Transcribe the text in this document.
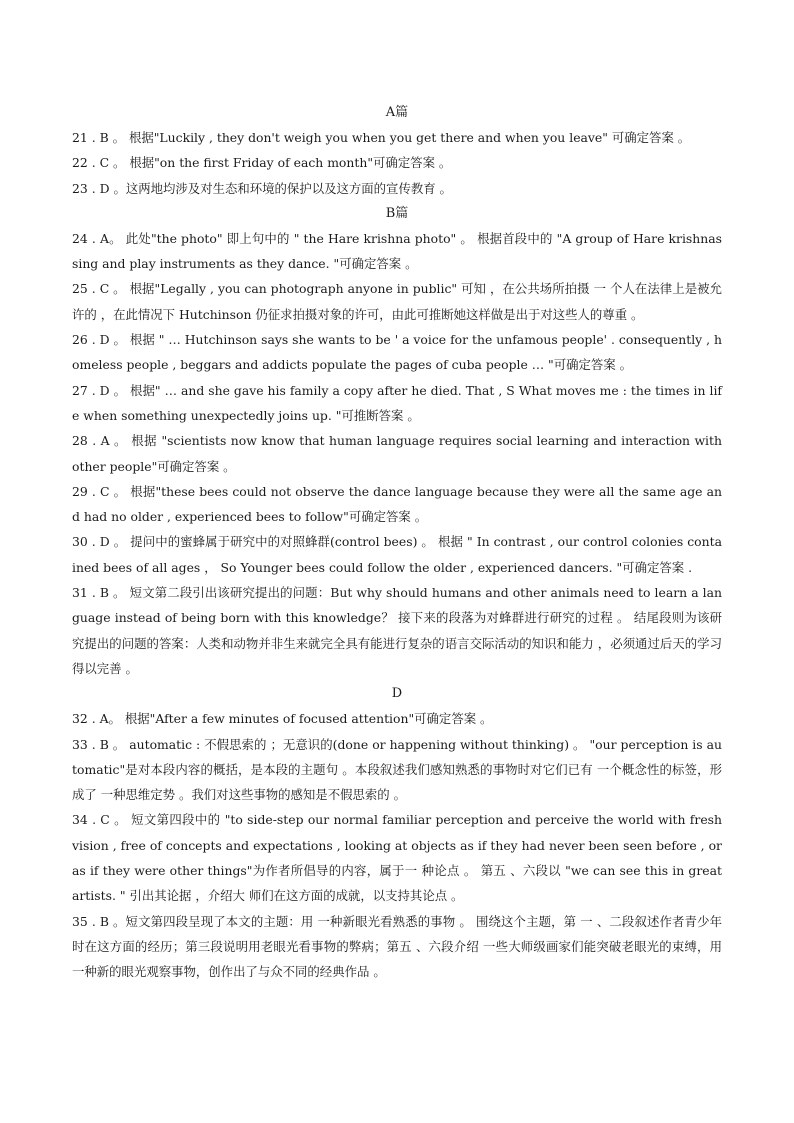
A篇

21 . B 。 根据"Luckily , they don't weigh you when you get there and when you leave" 可确定答案 。

22 . C 。 根据"on the first Friday of each month"可确定答案 。

23 . D 。这两地均涉及对生态和环境的保护以及这方面的宣传教育 。

B篇

24 . A。 此处"the photo" 即上句中的 " the Hare krishna photo" 。 根据首段中的 "A group of Hare krishnas sing and play instruments as they dance. "可确定答案 。

25 . C 。 根据"Legally , you can photograph anyone in public" 可知 ，在公共场所拍摄 一 个人在法律上是被允许的 ，在此情况下 Hutchinson 仍征求拍摄对象的许可，由此可推断她这样做是出于对这些人的尊重 。

26 . D 。 根据 " … Hutchinson says she wants to be ' a voice for the unfamous people' . consequently , homeless people , beggars and addicts populate the pages of cuba people … "可确定答案 。

27 . D 。 根据" … and she gave his family a copy after he died. That , S What moves me : the times in life when something unexpectedly joins up. "可推断答案 。

28 . A 。 根据 "scientists now know that human language requires social learning and interaction with other people"可确定答案 。

29 . C 。 根据"these bees could not observe the dance language because they were all the same age and had no older , experienced bees to follow"可确定答案 。

30 . D 。 提问中的蜜蜂属于研究中的对照蜂群(control bees) 。 根据 " In contrast , our control colonies contained bees of all ages ， So Younger bees could follow the older , experienced dancers. "可确定答案 .

31 . B 。 短文第二段引出该研究提出的问题：But why should humans and other animals need to learn a language instead of being born with this knowledge？ 接下来的段落为对蜂群进行研究的过程 。 结尾段则为该研究提出的问题的答案：人类和动物并非生来就完全具有能进行复杂的语言交际活动的知识和能力 ，必须通过后天的学习得以完善 。

D

32 . A。 根据"After a few minutes of focused attention"可确定答案 。

33 . B 。 automatic : 不假思索的 ；无意识的(done or happening without thinking) 。 "our perception is automatic"是对本段内容的概括，是本段的主题句 。本段叙述我们感知熟悉的事物时对它们已有 一个概念性的标签，形成了 一种思维定势 。我们对这些事物的感知是不假思索的 。

34 . C 。 短文第四段中的 "to side-step our normal familiar perception and perceive the world with fresh vision , free of concepts and expectations , looking at objects as if they had never been seen before , or as if they were other things"为作者所倡导的内容，属于一 种论点 。 第五 、六段以 "we can see this in great artists. " 引出其论据 ，介绍大 师们在这方面的成就，以支持其论点 。

35 . B 。短文第四段呈现了本文的主题：用 一种新眼光看熟悉的事物 。 围绕这个主题，第 一 、二段叙述作者青少年时在这方面的经历；第三段说明用老眼光看事物的弊病；第五 、六段介绍 一些大师级画家们能突破老眼光的束缚，用 一种新的眼光观察事物，创作出了与众不同的经典作品 。
